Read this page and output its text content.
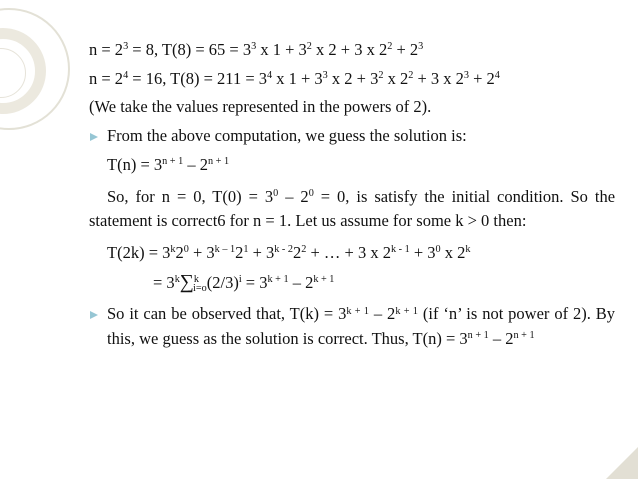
$n = 2^3 = 8$, $T(8) = 65 = 3^3$ x $1 + 3^2$ x 2 + 3 x $2^2 + 2^3$
$n = 2^4 = 16$, $T(8) = 211 = 3^4$ x $1 + 3^3$ x $2 + 3^2$ x $2^2 + 3$ x $2^3 + 2^4$
(We take the values represented in the powers of 2).
From the above computation, we guess the solution is:
$T(n) = 3^{n + 1} - 2^{n + 1}$
So, for n = 0, $T(0) = 3^0 - 2^0 = 0$, is satisfy the initial condition. So the statement is correct6 for n = 1. Let us assume for some k > 0 then:
$T(2k) = 3^k2^0 + 3^{k - 1}2^1 + 3^{k - 2}2^2$ + … + 3 x $2^{k - 1} + 3^0$ x $2^k$
= $3^k\sum^k_{i=o}(2/3)^i = 3^{k + 1} - 2^{k + 1}$
So it can be observed that, $T(k) = 3^{k + 1} - 2^{k + 1}$ (if ‘n’ is not power of 2). By this, we guess as the solution is correct. Thus, $T(n) = 3^{n + 1} - 2^{n + 1}$
